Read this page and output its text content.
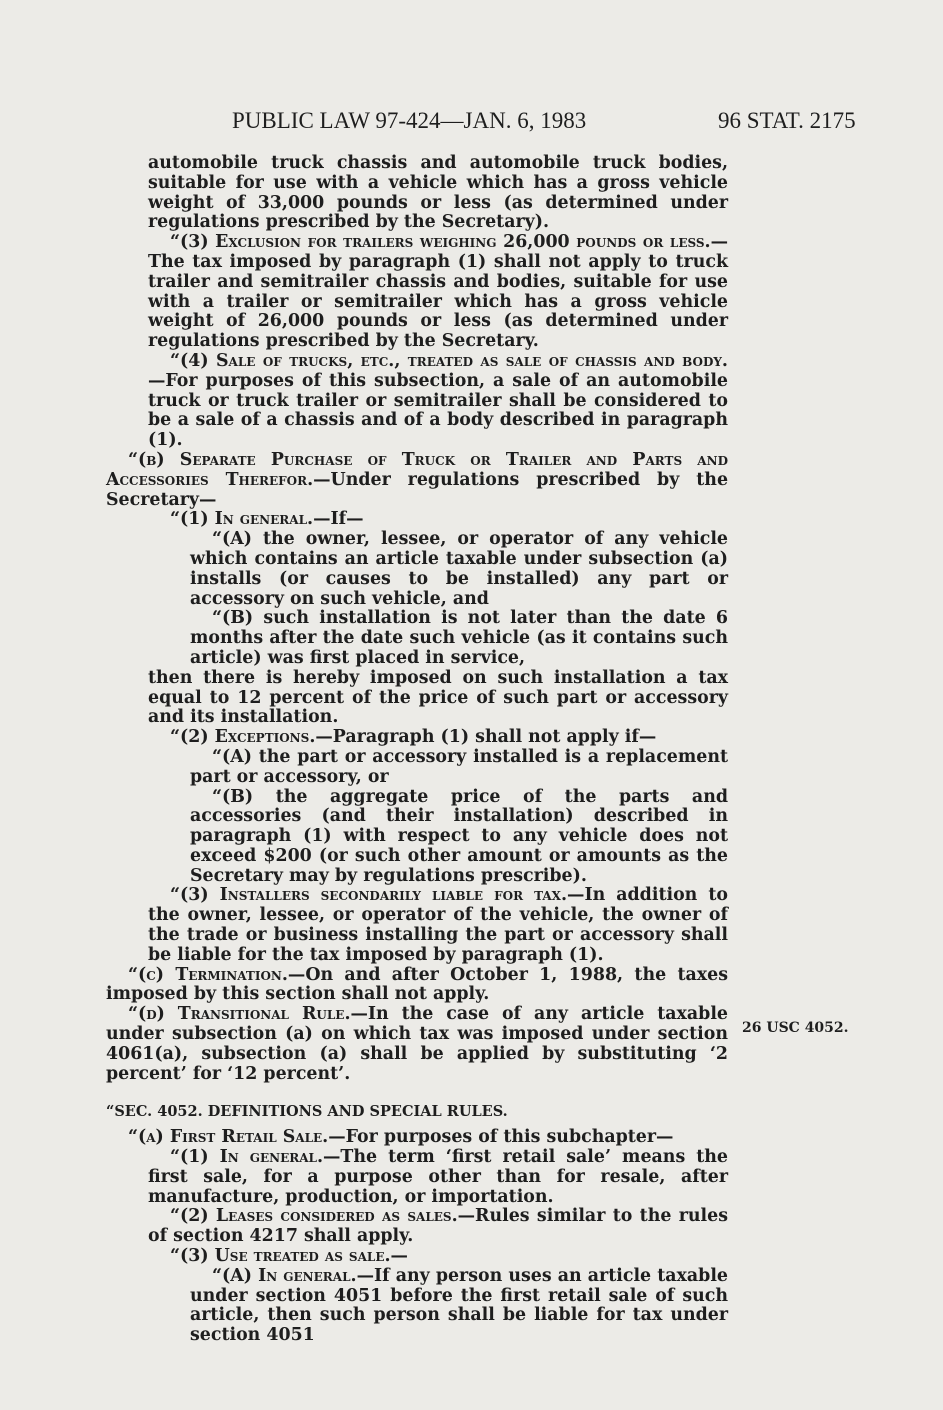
PUBLIC LAW 97-424—JAN. 6, 1983	96 STAT. 2175

automobile truck chassis and automobile truck bodies, suitable for use with a vehicle which has a gross vehicle weight of 33,000 pounds or less (as determined under regulations prescribed by the Secretary).

“(3) Exclusion for trailers weighing 26,000 pounds or less.—The tax imposed by paragraph (1) shall not apply to truck trailer and semitrailer chassis and bodies, suitable for use with a trailer or semitrailer which has a gross vehicle weight of 26,000 pounds or less (as determined under regulations prescribed by the Secretary.

“(4) Sale of trucks, etc., treated as sale of chassis and body.—For purposes of this subsection, a sale of an automobile truck or truck trailer or semitrailer shall be considered to be a sale of a chassis and of a body described in paragraph (1).

“(b) Separate Purchase of Truck or Trailer and Parts and Accessories Therefor.—Under regulations prescribed by the Secretary—

“(1) In general.—If—

“(A) the owner, lessee, or operator of any vehicle which contains an article taxable under subsection (a) installs (or causes to be installed) any part or accessory on such vehicle, and

“(B) such installation is not later than the date 6 months after the date such vehicle (as it contains such article) was first placed in service,

then there is hereby imposed on such installation a tax equal to 12 percent of the price of such part or accessory and its installation.

“(2) Exceptions.—Paragraph (1) shall not apply if—

“(A) the part or accessory installed is a replacement part or accessory, or

“(B) the aggregate price of the parts and accessories (and their installation) described in paragraph (1) with respect to any vehicle does not exceed $200 (or such other amount or amounts as the Secretary may by regulations prescribe).

“(3) Installers secondarily liable for tax.—In addition to the owner, lessee, or operator of the vehicle, the owner of the trade or business installing the part or accessory shall be liable for the tax imposed by paragraph (1).

“(c) Termination.—On and after October 1, 1988, the taxes imposed by this section shall not apply.

“(d) Transitional Rule.—In the case of any article taxable under subsection (a) on which tax was imposed under section 4061(a), subsection (a) shall be applied by substituting ‘2 percent’ for ‘12 percent’.

“SEC. 4052. DEFINITIONS AND SPECIAL RULES.

“(a) First Retail Sale.—For purposes of this subchapter—

“(1) In general.—The term ‘first retail sale’ means the first sale, for a purpose other than for resale, after manufacture, production, or importation.

“(2) Leases considered as sales.—Rules similar to the rules of section 4217 shall apply.

“(3) Use treated as sale.—

“(A) In general.—If any person uses an article taxable under section 4051 before the first retail sale of such article, then such person shall be liable for tax under section 4051

26 USC 4052.
